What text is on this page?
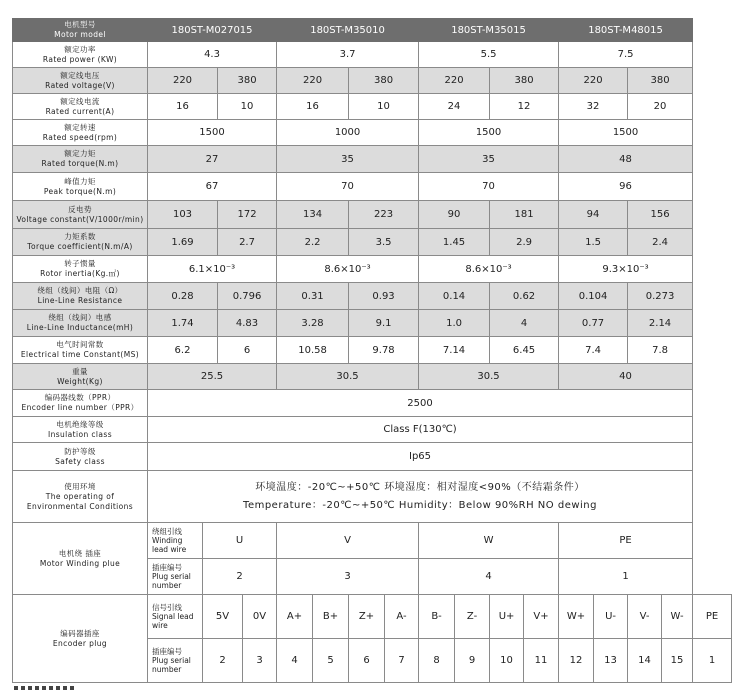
电机型号
Motor model	180ST-M027015				180ST-M35010				180ST-M35015				180ST-M48015				

额定功率
Rated power (KW)	4.3				3.7				5.5				7.5				

额定线电压
Rated voltage(V)	220		380		220		380		220		380		220		380		

额定线电流
Rated current(A)	16		10		16		10		24		12		32		20		

额定转速
Rated speed(rpm)	1500				1000				1500				1500				

额定力矩
Rated torque(N.m)	27				35				35				48				

峰值力矩
Peak torque(N.m)	67				70				70				96				

反电势
Voltage constant(V/1000r/min)	103		172		134		223		90		181		94		156		

力矩系数
Torque coefficient(N.m/A)	1.69		2.7		2.2		3.5		1.45		2.9		1.5		2.4		

转子惯量
Rotor inertia(Kg.㎡)	6.1×10⁻³				8.6×10⁻³				8.6×10⁻³				9.3×10⁻³				

绕组（线间）电阻（Ω）
Line-Line Resistance	0.28		0.796		0.31		0.93		0.14		0.62		0.104		0.273		

绕组（线间）电感
Line-Line Inductance(mH)	1.74		4.83		3.28		9.1		1.0		4		0.77		2.14		

电气时间常数
Electrical time Constant(MS)	6.2		6		10.58		9.78		7.14		6.45		7.4		7.8		

重量
Weight(Kg)	25.5				30.5				30.5				40				

编码器线数（PPR）
Encoder line number（PPR）	2500																

电机绝缘等级
Insulation class	Class F(130℃)																

防护等级
Safety class	Ip65																

使用环境
The operating of
Environmental Conditions	环境温度：-20℃~+50℃ 环境湿度：相对湿度<90%（不结霜条件）
Temperature：-20℃~+50℃ Humidity：Below 90%RH NO dewing																

电机绕 插座
Motor Winding plue	绕组引线
Winding
lead wire	U			V				W				PE				

	插座编号
Plug serial
number	2			3				4				1				

编码器插座
Encoder plug	信号引线
Signal lead
wire	5V		0V	A+	B+	Z+	A-	B-	Z-	U+	V+	W+	U-	V-	W-	PE

	插座编号
Plug serial
number	2		3	4	5	6	7	8	9	10	11	12	13	14	15	1
